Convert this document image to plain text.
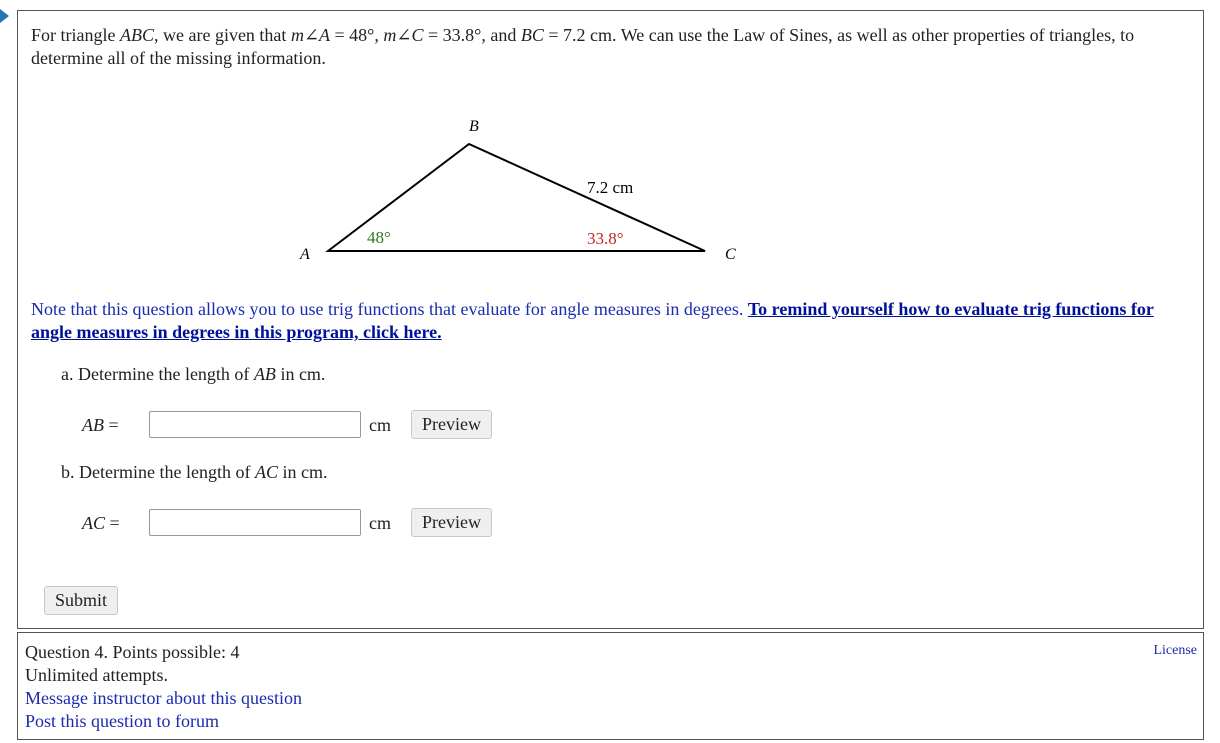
For triangle ABC, we are given that m∠A = 48°, m∠C = 33.8°, and BC = 7.2 cm. We can use the Law of Sines, as well as other properties of triangles, to determine all of the missing information.
A
B
C
7.2 cm
48°	33.8°
Note that this question allows you to use trig functions that evaluate for angle measures in degrees. To remind yourself how to evaluate trig functions for angle measures in degrees in this program, click here.
a. Determine the length of AB in cm.
AB =	cm	Preview
b. Determine the length of AC in cm.
AC =	cm	Preview
Submit
Question 4. Points possible: 4
Unlimited attempts.
Message instructor about this question
Post this question to forum
License
